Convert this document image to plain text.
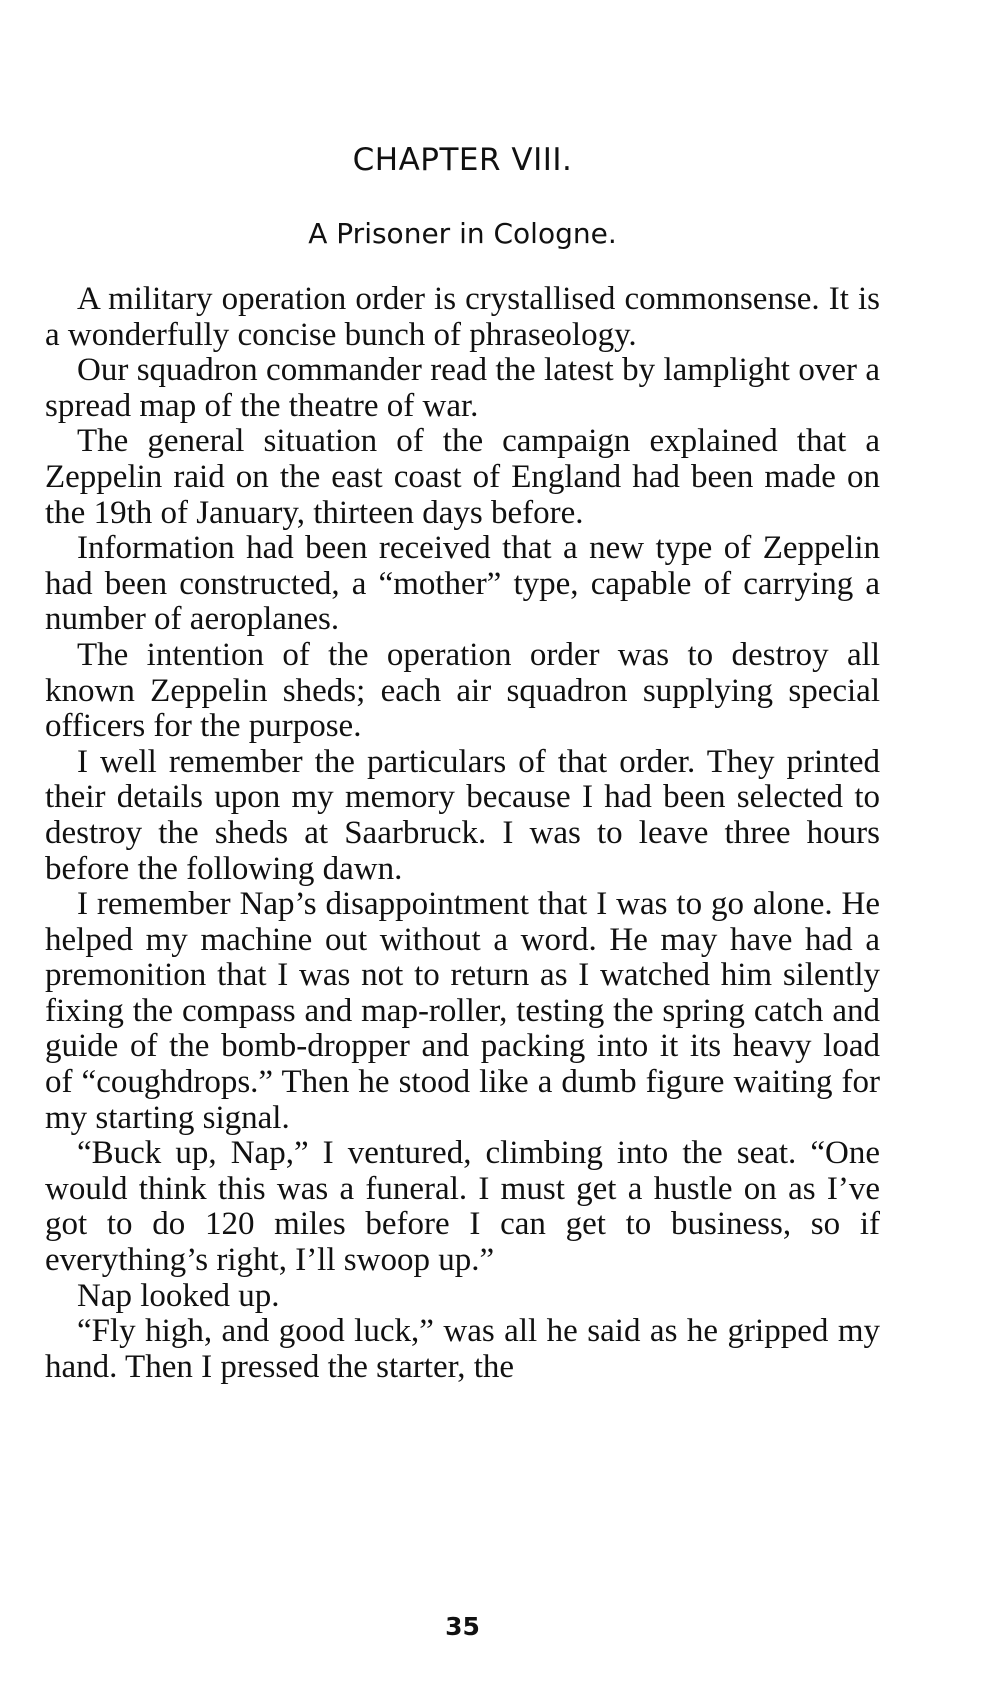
CHAPTER VIII.
A Prisoner in Cologne.

A military operation order is crystallised commonsense. It is a wonderfully concise bunch of phraseology.

Our squadron commander read the latest by lamplight over a spread map of the theatre of war.

The general situation of the campaign explained that a Zeppelin raid on the east coast of England had been made on the 19th of January, thirteen days before.

Information had been received that a new type of Zeppelin had been constructed, a “mother” type, capable of carrying a number of aeroplanes.

The intention of the operation order was to destroy all known Zeppelin sheds; each air squadron supplying special officers for the purpose.

I well remember the particulars of that order. They printed their details upon my memory because I had been selected to destroy the sheds at Saarbruck. I was to leave three hours before the following dawn.

I remember Nap’s disappointment that I was to go alone. He helped my machine out without a word. He may have had a premonition that I was not to return as I watched him silently fixing the compass and map-roller, testing the spring catch and guide of the bomb-dropper and packing into it its heavy load of “coughdrops.” Then he stood like a dumb figure waiting for my starting signal.

“Buck up, Nap,” I ventured, climbing into the seat. “One would think this was a funeral. I must get a hustle on as I’ve got to do 120 miles before I can get to business, so if everything’s right, I’ll swoop up.”

Nap looked up.

“Fly high, and good luck,” was all he said as he gripped my hand. Then I pressed the starter, the

35
